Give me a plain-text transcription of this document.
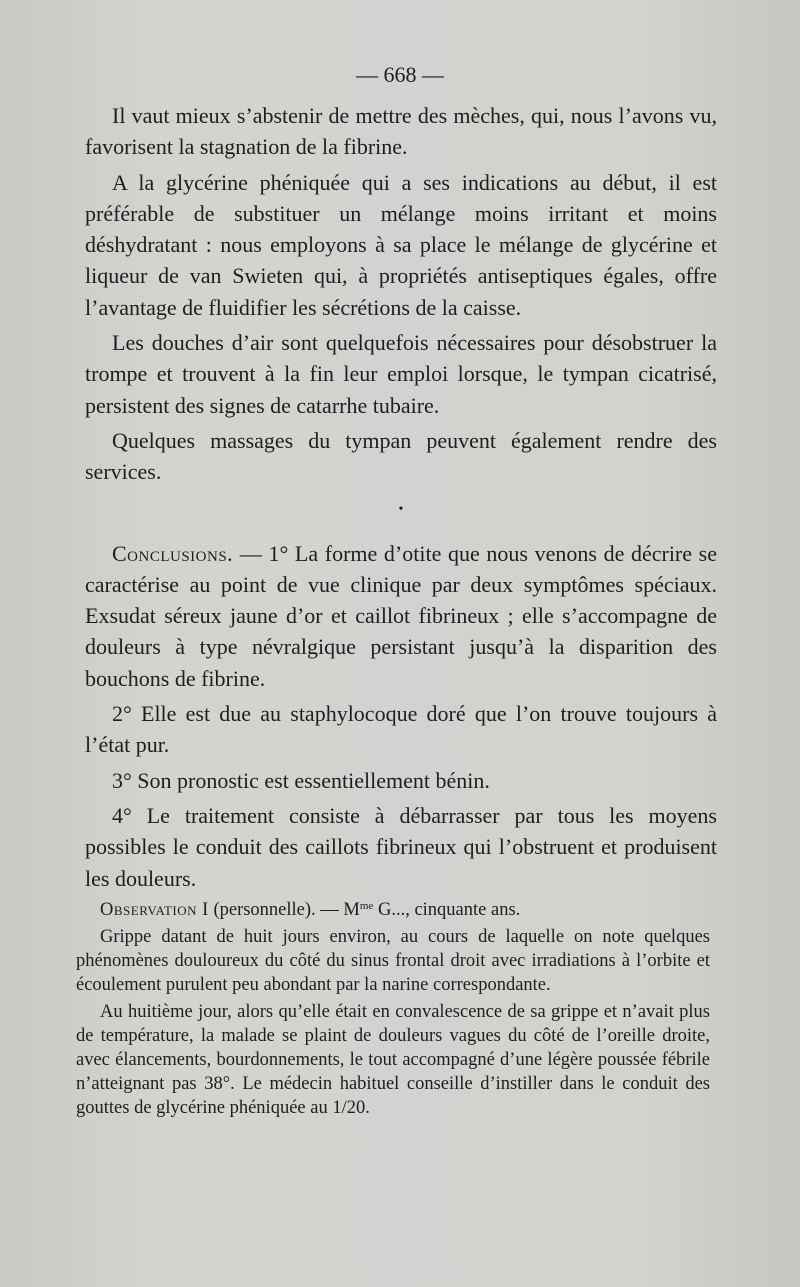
— 668 —

Il vaut mieux s’abstenir de mettre des mèches, qui, nous l’avons vu, favorisent la stagnation de la fibrine.

A la glycérine phéniquée qui a ses indications au début, il est préférable de substituer un mélange moins irritant et moins déshydratant : nous employons à sa place le mélange de glycérine et liqueur de van Swieten qui, à propriétés antiseptiques égales, offre l’avantage de fluidifier les sécrétions de la caisse.

Les douches d’air sont quelquefois nécessaires pour désobstruer la trompe et trouvent à la fin leur emploi lorsque, le tympan cicatrisé, persistent des signes de catarrhe tubaire.

Quelques massages du tympan peuvent également rendre des services.

•

Conclusions. — 1° La forme d’otite que nous venons de décrire se caractérise au point de vue clinique par deux symptômes spéciaux. Exsudat séreux jaune d’or et caillot fibrineux ; elle s’accompagne de douleurs à type névralgique persistant jusqu’à la disparition des bouchons de fibrine.

2° Elle est due au staphylocoque doré que l’on trouve toujours à l’état pur.

3° Son pronostic est essentiellement bénin.

4° Le traitement consiste à débarrasser par tous les moyens possibles le conduit des caillots fibrineux qui l’obstruent et produisent les douleurs.

Observation I (personnelle). — $M^{me}$ G..., cinquante ans.

Grippe datant de huit jours environ, au cours de laquelle on note quelques phénomènes douloureux du côté du sinus frontal droit avec irradiations à l’orbite et écoulement purulent peu abondant par la narine correspondante.

Au huitième jour, alors qu’elle était en convalescence de sa grippe et n’avait plus de température, la malade se plaint de douleurs vagues du côté de l’oreille droite, avec élancements, bourdonnements, le tout accompagné d’une légère poussée fébrile n’atteignant pas 38°. Le médecin habituel conseille d’instiller dans le conduit des gouttes de glycérine phéniquée au 1/20.
